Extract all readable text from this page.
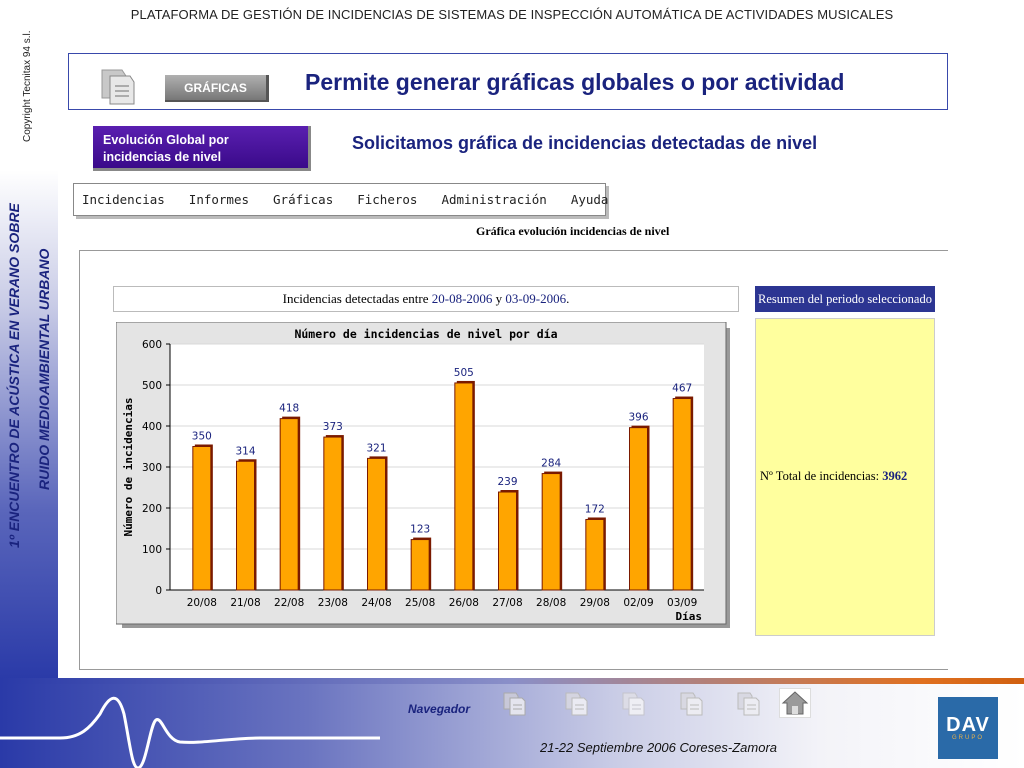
1º ENCUENTRO DE ACÚSTICA EN VERANO SOBRE RUIDO MEDIOAMBIENTAL URBANO
Copyright Tecnitax 94 s.l.
PLATAFORMA DE GESTIÓN DE INCIDENCIAS DE SISTEMAS DE INSPECCIÓN AUTOMÁTICA DE ACTIVIDADES MUSICALES
GRÁFICAS	Permite generar gráficas globales o por actividad
Evolución Global por incidencias de nivel
Solicitamos gráfica de incidencias detectadas de nivel
Incidencias Informes Gráficas Ficheros Administración Ayuda
Gráfica evolución incidencias de nivel
Incidencias detectadas entre
20-08-2006 y 03-09-2006 .	Resumen del periodo seleccionado
Nº Total de incidencias: 3962
Número de incidencias de nivel por día
Número de incidencias
Días
0
100
200
300
400
500
600
350
20/08
314
21/08
418
22/08
373
23/08
321
24/08
123
25/08
505
26/08
239
27/08
284
28/08
172
29/08
396
02/09
467
03/09
Navegador
21-22 Septiembre 2006 Coreses-Zamora
DAV
GRUPO
